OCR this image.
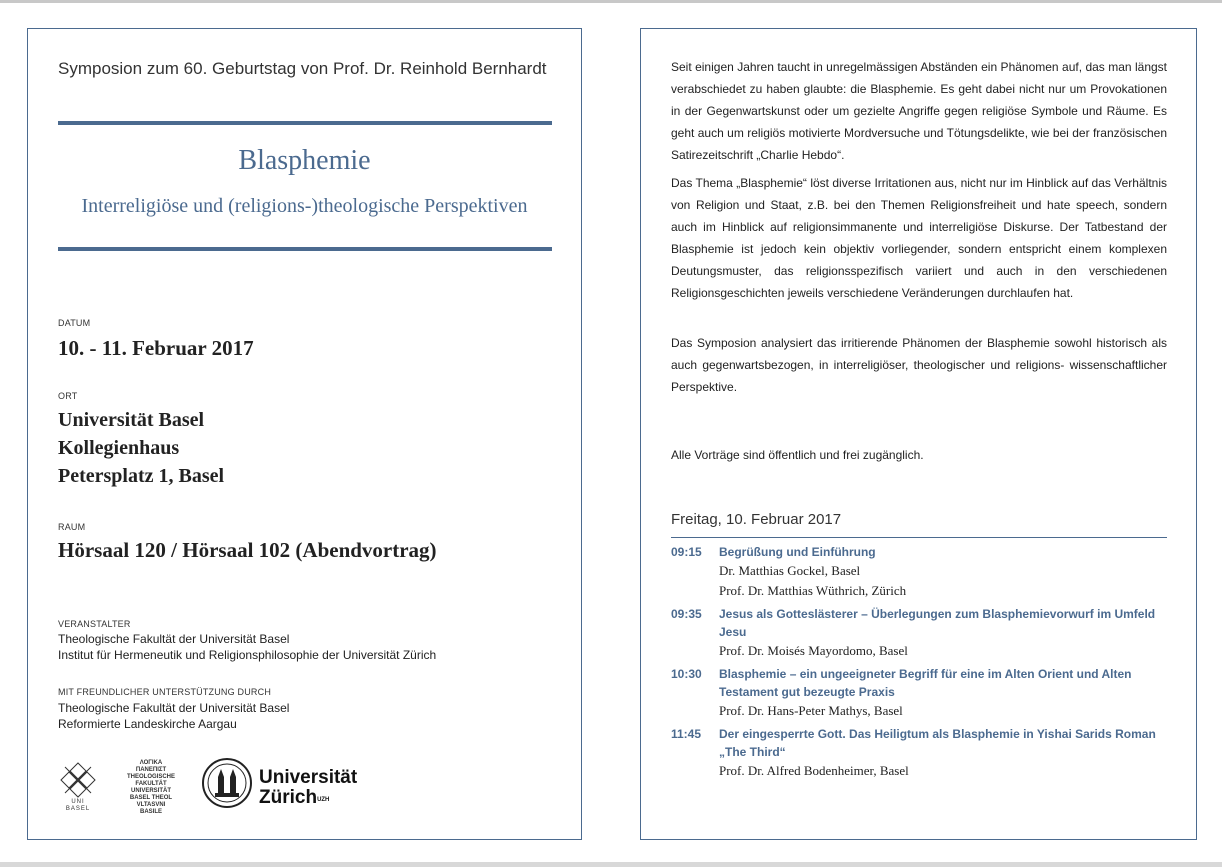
Symposion zum 60. Geburtstag von Prof. Dr. Reinhold Bernhardt
Blasphemie
Interreligiöse und (religions-)theologische Perspektiven
DATUM
10. - 11. Februar 2017
ORT
Universität Basel
Kollegienhaus
Petersplatz 1, Basel
RAUM
Hörsaal 120 / Hörsaal 102 (Abendvortrag)
VERANSTALTER
Theologische Fakultät der Universität Basel
Institut für Hermeneutik und Religionsphilosophie der Universität Zürich
MIT FREUNDLICHER UNTERSTÜTZUNG DURCH
Theologische Fakultät der Universität Basel
Reformierte Landeskirche Aargau
UNI
BASEL
ΛΟΓΙΚΑ
ΠΑΝΕΠΙΣΤ
THEOLOGISCHE
FAKULTÄT
UNIVERSITÄT
BASEL THEOL
VLTASVNI
BASILE
Universität
Zürich$^{UZH}$

Seit einigen Jahren taucht in unregelmässigen Abständen ein Phänomen auf, das man längst verabschiedet zu haben glaubte: die Blasphemie. Es geht dabei nicht nur um Provokationen in der Gegenwartskunst oder um gezielte Angriffe gegen religiöse Symbole und Räume. Es geht auch um religiös motivierte Mordversuche und Tötungsdelikte, wie bei der französischen Satirezeitschrift „Charlie Hebdo“.

Das Thema „Blasphemie“ löst diverse Irritationen aus, nicht nur im Hinblick auf das Verhältnis von Religion und Staat, z.B. bei den Themen Religionsfreiheit und hate speech, sondern auch im Hinblick auf religionsimmanente und interreligiöse Diskurse. Der Tatbestand der Blasphemie ist jedoch kein objektiv vorliegender, sondern entspricht einem komplexen Deutungsmuster, das religionsspezifisch variiert und auch in den verschiedenen Religionsgeschichten jeweils verschiedene Veränderungen durchlaufen hat.

Das Symposion analysiert das irritierende Phänomen der Blasphemie sowohl historisch als auch gegenwartsbezogen, in interreligiöser, theologischer und religions- wissenschaftlicher Perspektive.

Alle Vorträge sind öffentlich und frei zugänglich.

Freitag, 10. Februar 2017
09:15	Begrüßung und Einführung
Dr. Matthias Gockel, Basel
Prof. Dr. Matthias Wüthrich, Zürich
09:35	Jesus als Gotteslästerer – Überlegungen zum Blasphemievorwurf im Umfeld Jesu
Prof. Dr. Moisés Mayordomo, Basel
10:30	Blasphemie – ein ungeeigneter Begriff für eine im Alten Orient und Alten Testament gut bezeugte Praxis
Prof. Dr. Hans-Peter Mathys, Basel
11:45	Der eingesperrte Gott. Das Heiligtum als Blasphemie in Yishai Sarids Roman „The Third“
Prof. Dr. Alfred Bodenheimer, Basel
